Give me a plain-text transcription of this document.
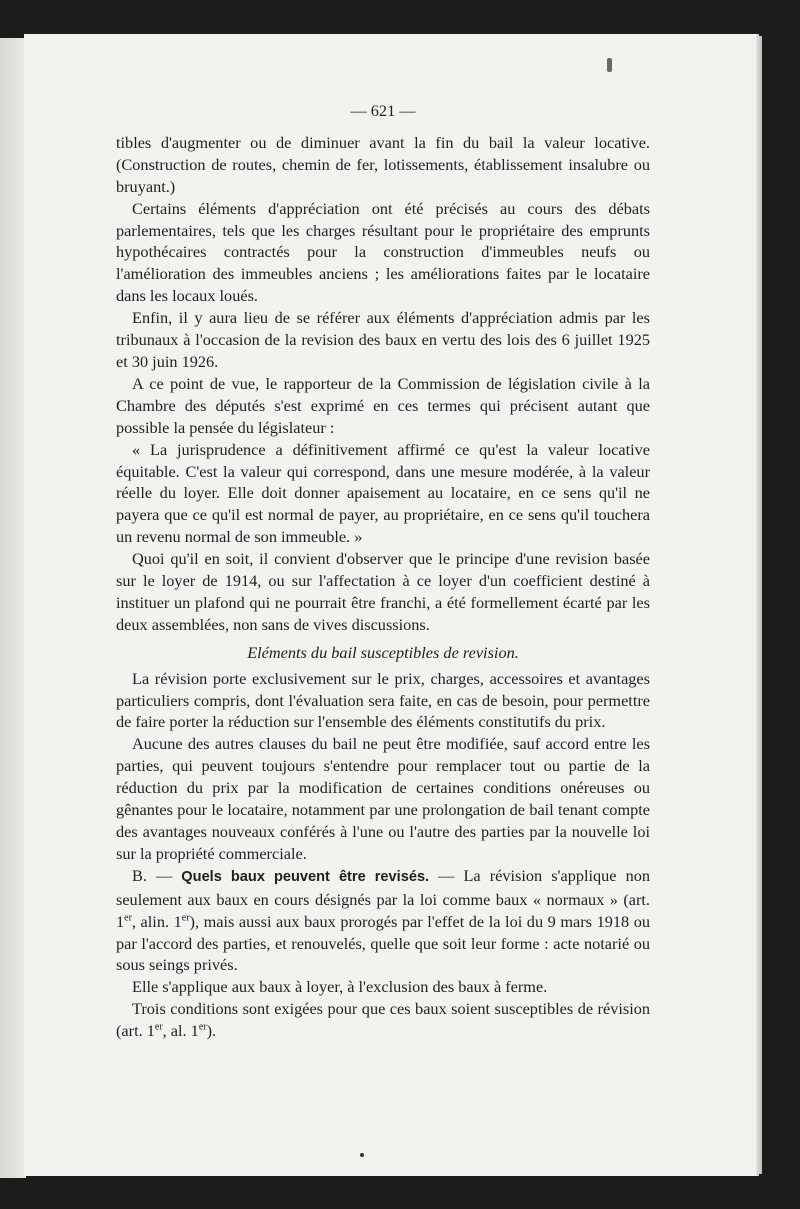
— 621 —

tibles d'augmenter ou de diminuer avant la fin du bail la valeur locative. (Construction de routes, chemin de fer, lotissements, établissement insalubre ou bruyant.)

Certains éléments d'appréciation ont été précisés au cours des débats parlementaires, tels que les charges résultant pour le propriétaire des emprunts hypothécaires contractés pour la construction d'immeubles neufs ou l'amélioration des immeubles anciens ; les améliorations faites par le locataire dans les locaux loués.

Enfin, il y aura lieu de se référer aux éléments d'appréciation admis par les tribunaux à l'occasion de la revision des baux en vertu des lois des 6 juillet 1925 et 30 juin 1926.

A ce point de vue, le rapporteur de la Commission de législation civile à la Chambre des députés s'est exprimé en ces termes qui précisent autant que possible la pensée du législateur :

« La jurisprudence a définitivement affirmé ce qu'est la valeur locative équitable. C'est la valeur qui correspond, dans une mesure modérée, à la valeur réelle du loyer. Elle doit donner apaisement au locataire, en ce sens qu'il ne payera que ce qu'il est normal de payer, au propriétaire, en ce sens qu'il touchera un revenu normal de son immeuble. »

Quoi qu'il en soit, il convient d'observer que le principe d'une revision basée sur le loyer de 1914, ou sur l'affectation à ce loyer d'un coefficient destiné à instituer un plafond qui ne pourrait être franchi, a été formellement écarté par les deux assemblées, non sans de vives discussions.

Eléments du bail susceptibles de revision.

La révision porte exclusivement sur le prix, charges, accessoires et avantages particuliers compris, dont l'évaluation sera faite, en cas de besoin, pour permettre de faire porter la réduction sur l'ensemble des éléments constitutifs du prix.

Aucune des autres clauses du bail ne peut être modifiée, sauf accord entre les parties, qui peuvent toujours s'entendre pour remplacer tout ou partie de la réduction du prix par la modification de certaines conditions onéreuses ou gênantes pour le locataire, notamment par une prolongation de bail tenant compte des avantages nouveaux conférés à l'une ou l'autre des parties par la nouvelle loi sur la propriété commerciale.

B. — Quels baux peuvent être revisés. — La révision s'applique non seulement aux baux en cours désignés par la loi comme baux « normaux » (art. 1er, alin. 1er), mais aussi aux baux prorogés par l'effet de la loi du 9 mars 1918 ou par l'accord des parties, et renouvelés, quelle que soit leur forme : acte notarié ou sous seings privés.

Elle s'applique aux baux à loyer, à l'exclusion des baux à ferme.

Trois conditions sont exigées pour que ces baux soient susceptibles de révision (art. 1er, al. 1er).
